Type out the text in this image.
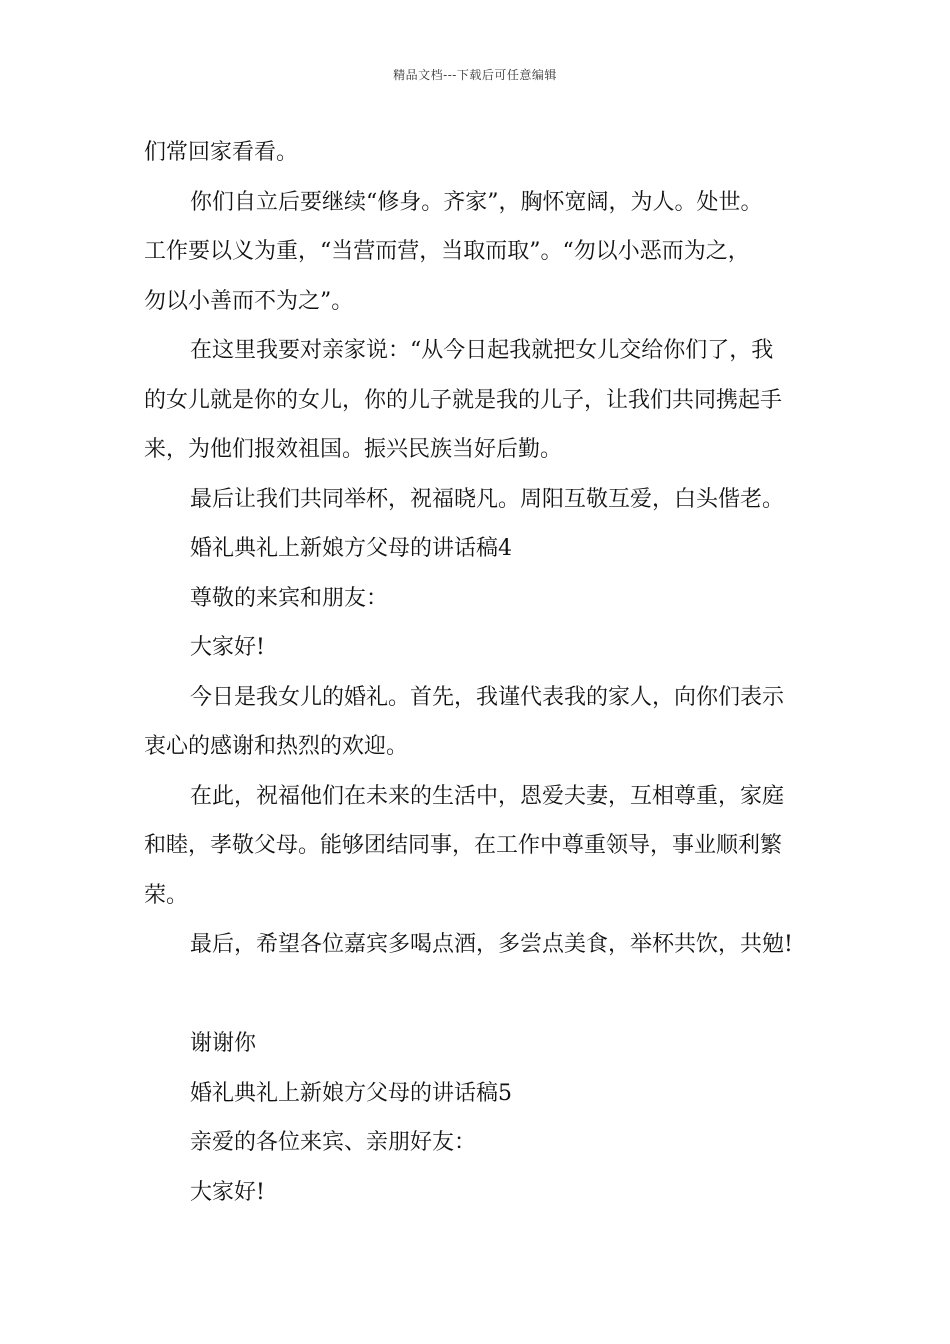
精品文档---下载后可任意编辑
们常回家看看。
你们自立后要继续“修身。齐家”，胸怀宽阔，为人。处世。
工作要以义为重，“当营而营，当取而取”。“勿以小恶而为之，
勿以小善而不为之”。
在这里我要对亲家说：“从今日起我就把女儿交给你们了，我
的女儿就是你的女儿，你的儿子就是我的儿子，让我们共同携起手
来，为他们报效祖国。振兴民族当好后勤。
最后让我们共同举杯，祝福晓凡。周阳互敬互爱，白头偕老。
婚礼典礼上新娘方父母的讲话稿4
尊敬的来宾和朋友：
大家好!
今日是我女儿的婚礼。首先，我谨代表我的家人，向你们表示
衷心的感谢和热烈的欢迎。
在此，祝福他们在未来的生活中，恩爱夫妻，互相尊重，家庭
和睦，孝敬父母。能够团结同事，在工作中尊重领导，事业顺利繁
荣。
最后，希望各位嘉宾多喝点酒，多尝点美食，举杯共饮，共勉!
谢谢你
婚礼典礼上新娘方父母的讲话稿5
亲爱的各位来宾、亲朋好友：
大家好!
